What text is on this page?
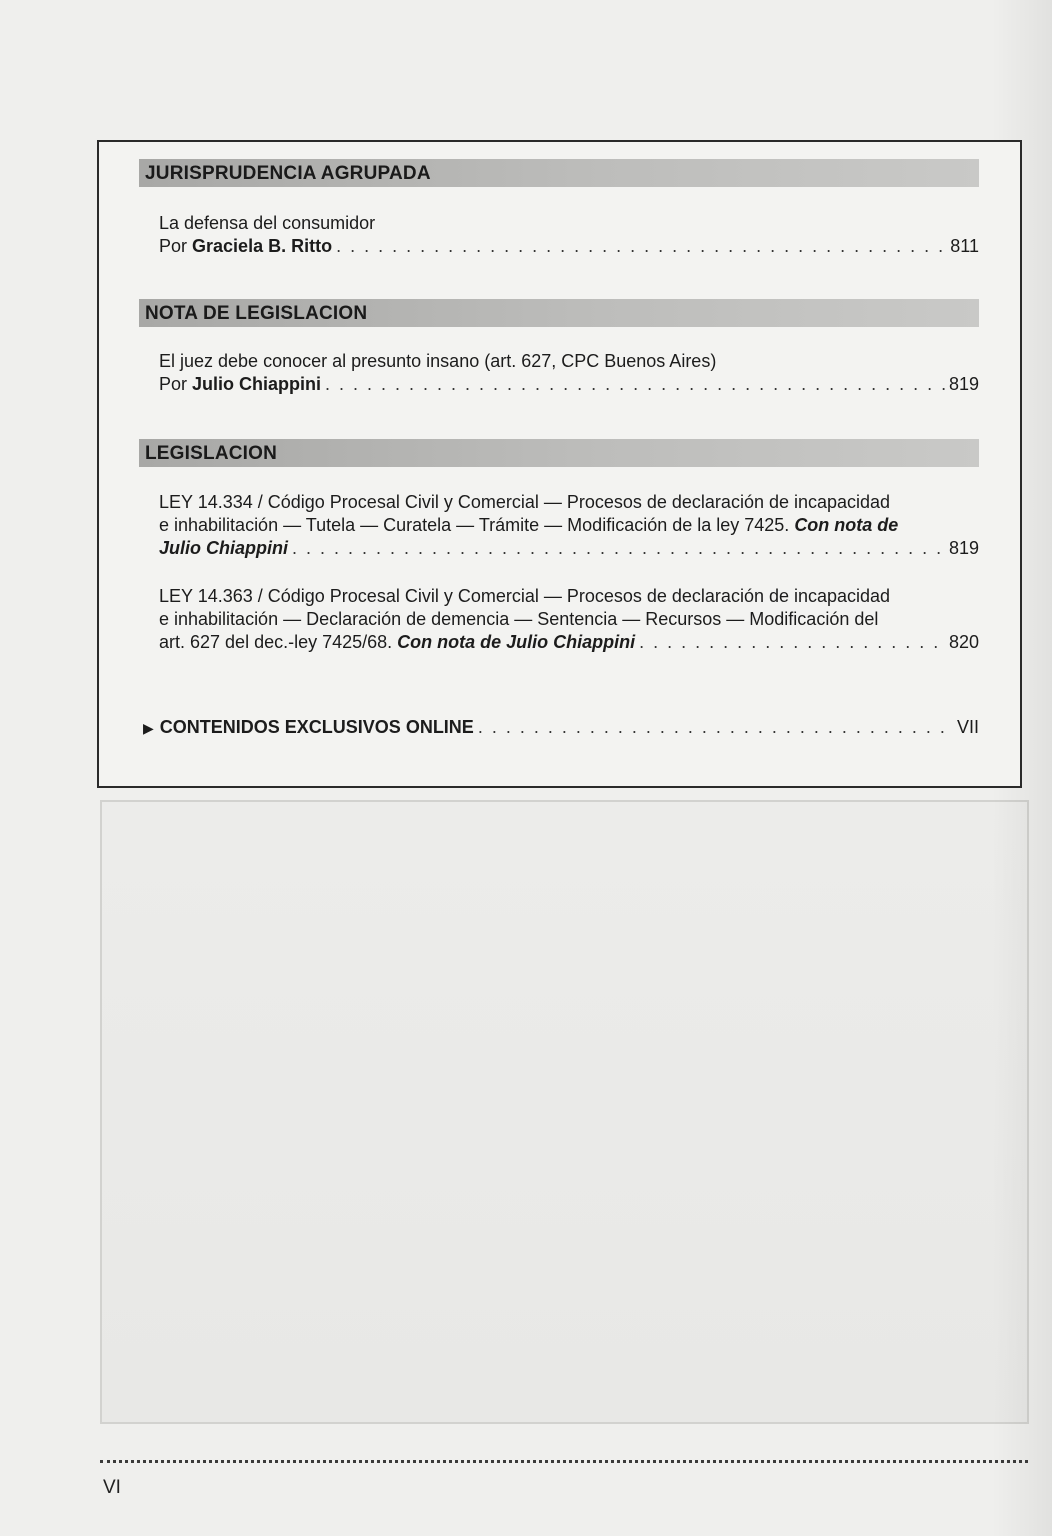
JURISPRUDENCIA AGRUPADA
La defensa del consumidor
Por Graciela B. Ritto . . .	811
NOTA DE LEGISLACION
El juez debe conocer al presunto insano (art. 627, CPC Buenos Aires)
Por Julio Chiappini . . .	819
LEGISLACION
LEY 14.334 / Código Procesal Civil y Comercial — Procesos de declaración de incapacidad
e inhabilitación — Tutela — Curatela — Trámite — Modificación de la ley 7425. Con nota de
Julio Chiappini . . .	819
LEY 14.363 / Código Procesal Civil y Comercial — Procesos de declaración de incapacidad
e inhabilitación — Declaración de demencia — Sentencia — Recursos — Modificación del
art. 627 del dec.-ley 7425/68. Con nota de Julio Chiappini . . .	820
▶ CONTENIDOS EXCLUSIVOS ONLINE . . .	VII
VI
